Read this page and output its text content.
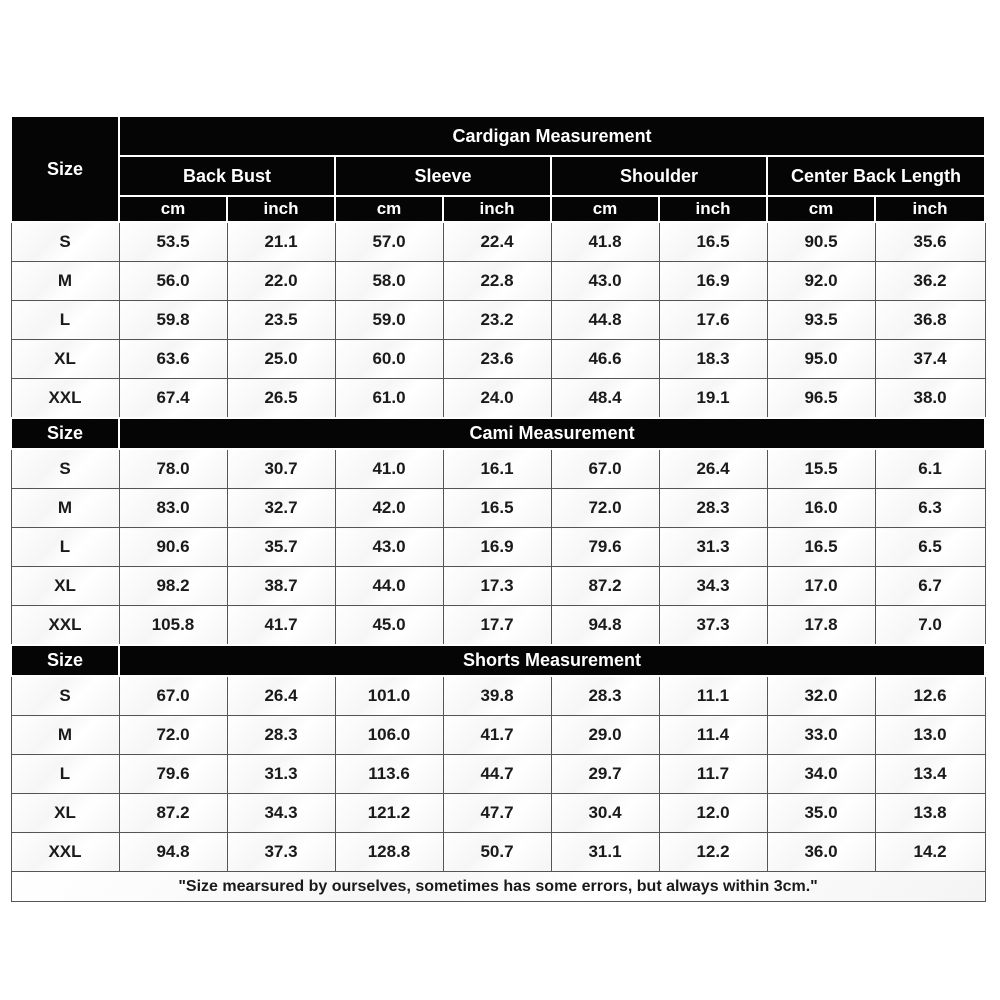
Size	Cardigan Measurement							
	Back Bust		Sleeve		Shoulder		Center Back Length	
	cm	inch	cm	inch	cm	inch	cm	inch
S	53.5	21.1	57.0	22.4	41.8	16.5	90.5	35.6
M	56.0	22.0	58.0	22.8	43.0	16.9	92.0	36.2
L	59.8	23.5	59.0	23.2	44.8	17.6	93.5	36.8
XL	63.6	25.0	60.0	23.6	46.6	18.3	95.0	37.4
XXL	67.4	26.5	61.0	24.0	48.4	19.1	96.5	38.0
Size	Cami Measurement							
S	78.0	30.7	41.0	16.1	67.0	26.4	15.5	6.1
M	83.0	32.7	42.0	16.5	72.0	28.3	16.0	6.3
L	90.6	35.7	43.0	16.9	79.6	31.3	16.5	6.5
XL	98.2	38.7	44.0	17.3	87.2	34.3	17.0	6.7
XXL	105.8	41.7	45.0	17.7	94.8	37.3	17.8	7.0
Size	Shorts Measurement							
S	67.0	26.4	101.0	39.8	28.3	11.1	32.0	12.6
M	72.0	28.3	106.0	41.7	29.0	11.4	33.0	13.0
L	79.6	31.3	113.6	44.7	29.7	11.7	34.0	13.4
XL	87.2	34.3	121.2	47.7	30.4	12.0	35.0	13.8
XXL	94.8	37.3	128.8	50.7	31.1	12.2	36.0	14.2
"Size mearsured by ourselves, sometimes has some errors, but always within 3cm."								
